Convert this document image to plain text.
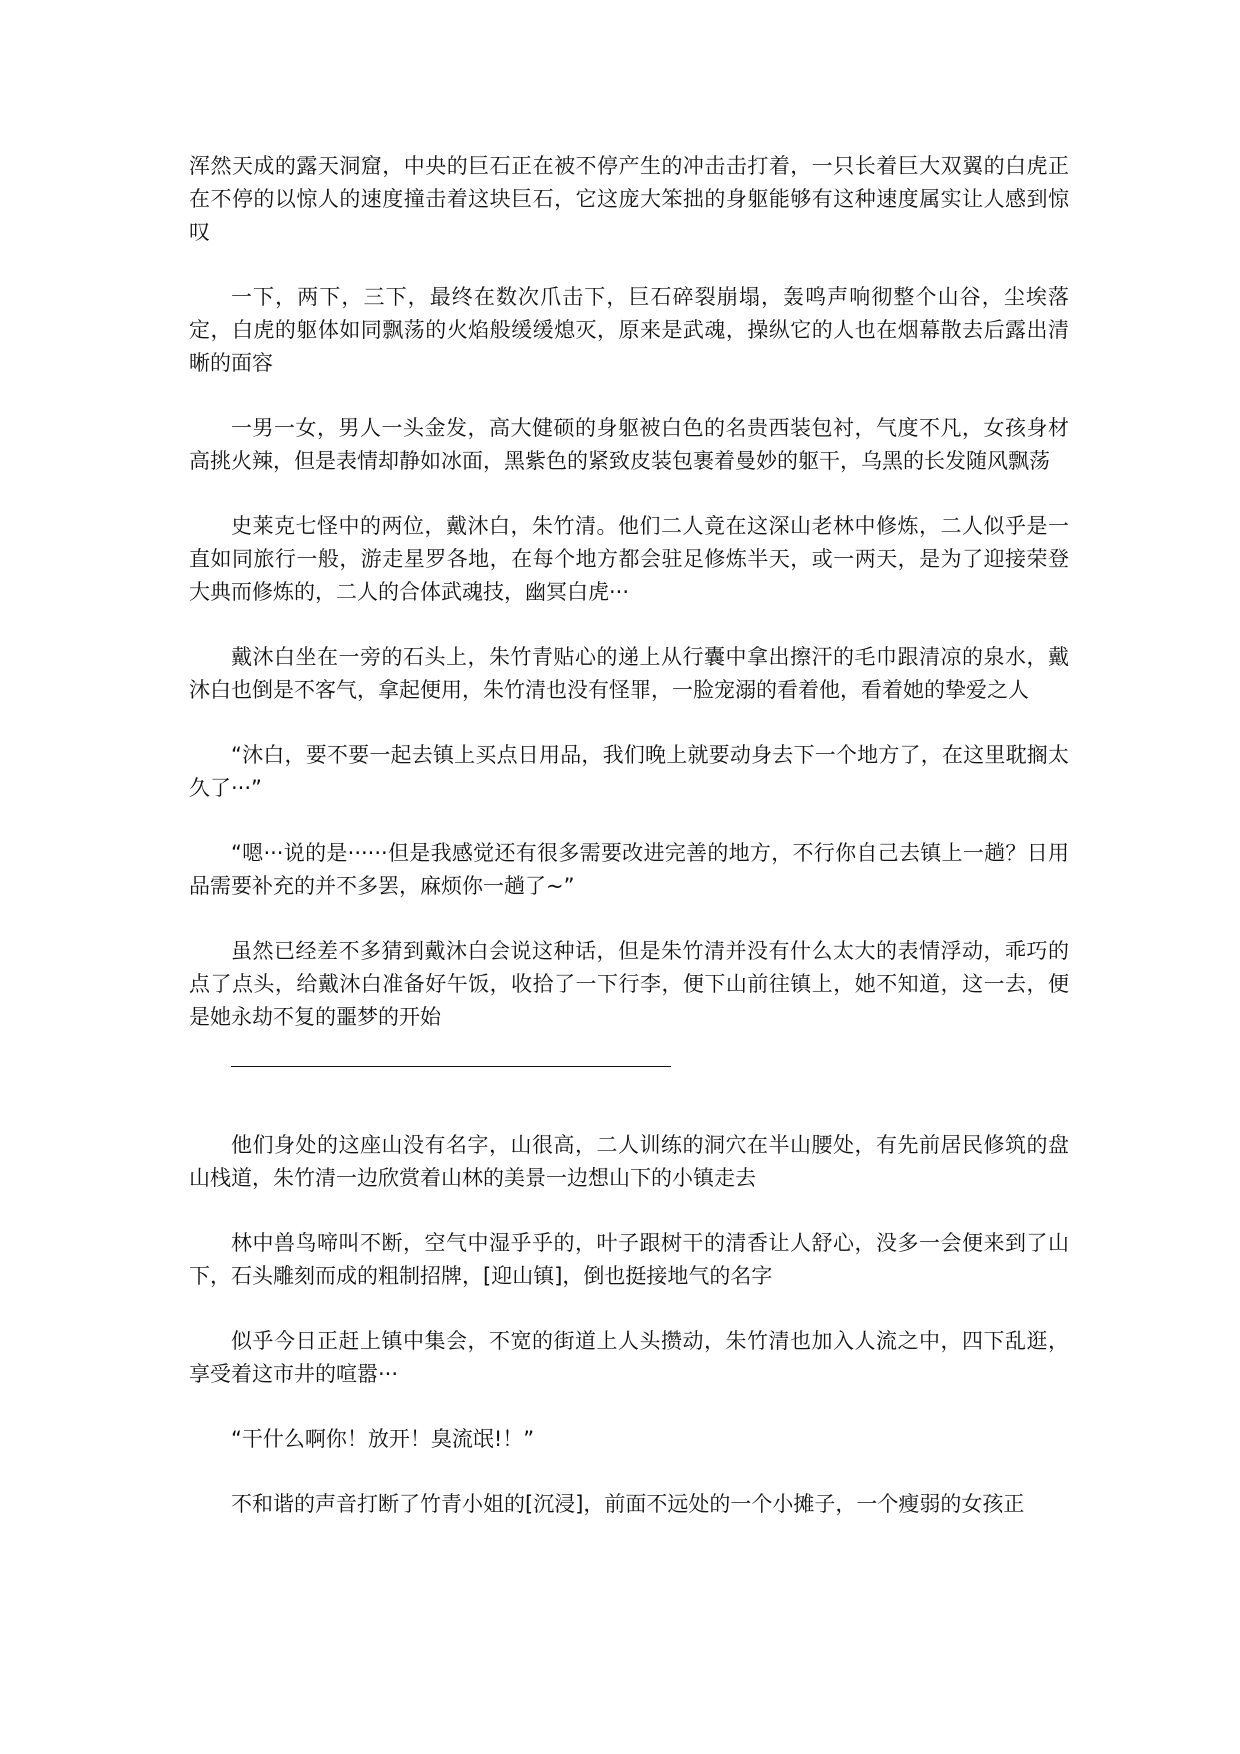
浑然天成的露天洞窟，中央的巨石正在被不停产生的冲击击打着，一只长着巨大双翼的白虎正在不停的以惊人的速度撞击着这块巨石，它这庞大笨拙的身躯能够有这种速度属实让人感到惊叹

一下，两下，三下，最终在数次爪击下，巨石碎裂崩塌，轰鸣声响彻整个山谷，尘埃落定，白虎的躯体如同飘荡的火焰般缓缓熄灭，原来是武魂，操纵它的人也在烟幕散去后露出清晰的面容

一男一女，男人一头金发，高大健硕的身躯被白色的名贵西装包衬，气度不凡，女孩身材高挑火辣，但是表情却静如冰面，黑紫色的紧致皮装包裹着曼妙的躯干，乌黑的长发随风飘荡

史莱克七怪中的两位，戴沐白，朱竹清。他们二人竟在这深山老林中修炼，二人似乎是一直如同旅行一般，游走星罗各地，在每个地方都会驻足修炼半天，或一两天，是为了迎接荣登大典而修炼的，二人的合体武魂技，幽冥白虎···

戴沐白坐在一旁的石头上，朱竹青贴心的递上从行囊中拿出擦汗的毛巾跟清凉的泉水，戴沐白也倒是不客气，拿起便用，朱竹清也没有怪罪，一脸宠溺的看着他，看着她的挚爱之人

“沐白，要不要一起去镇上买点日用品，我们晚上就要动身去下一个地方了，在这里耽搁太久了···”

“嗯···说的是······但是我感觉还有很多需要改进完善的地方，不行你自己去镇上一趟？日用品需要补充的并不多罢，麻烦你一趟了~”

虽然已经差不多猜到戴沐白会说这种话，但是朱竹清并没有什么太大的表情浮动，乖巧的点了点头，给戴沐白准备好午饭，收拾了一下行李，便下山前往镇上，她不知道，这一去，便是她永劫不复的噩梦的开始

他们身处的这座山没有名字，山很高，二人训练的洞穴在半山腰处，有先前居民修筑的盘山栈道，朱竹清一边欣赏着山林的美景一边想山下的小镇走去

林中兽鸟啼叫不断，空气中湿乎乎的，叶子跟树干的清香让人舒心，没多一会便来到了山下，石头雕刻而成的粗制招牌，[迎山镇]，倒也挺接地气的名字

似乎今日正赶上镇中集会，不宽的街道上人头攒动，朱竹清也加入人流之中，四下乱逛，享受着这市井的喧嚣···

“干什么啊你！放开！臭流氓!！”

不和谐的声音打断了竹青小姐的[沉浸]，前面不远处的一个小摊子，一个瘦弱的女孩正
